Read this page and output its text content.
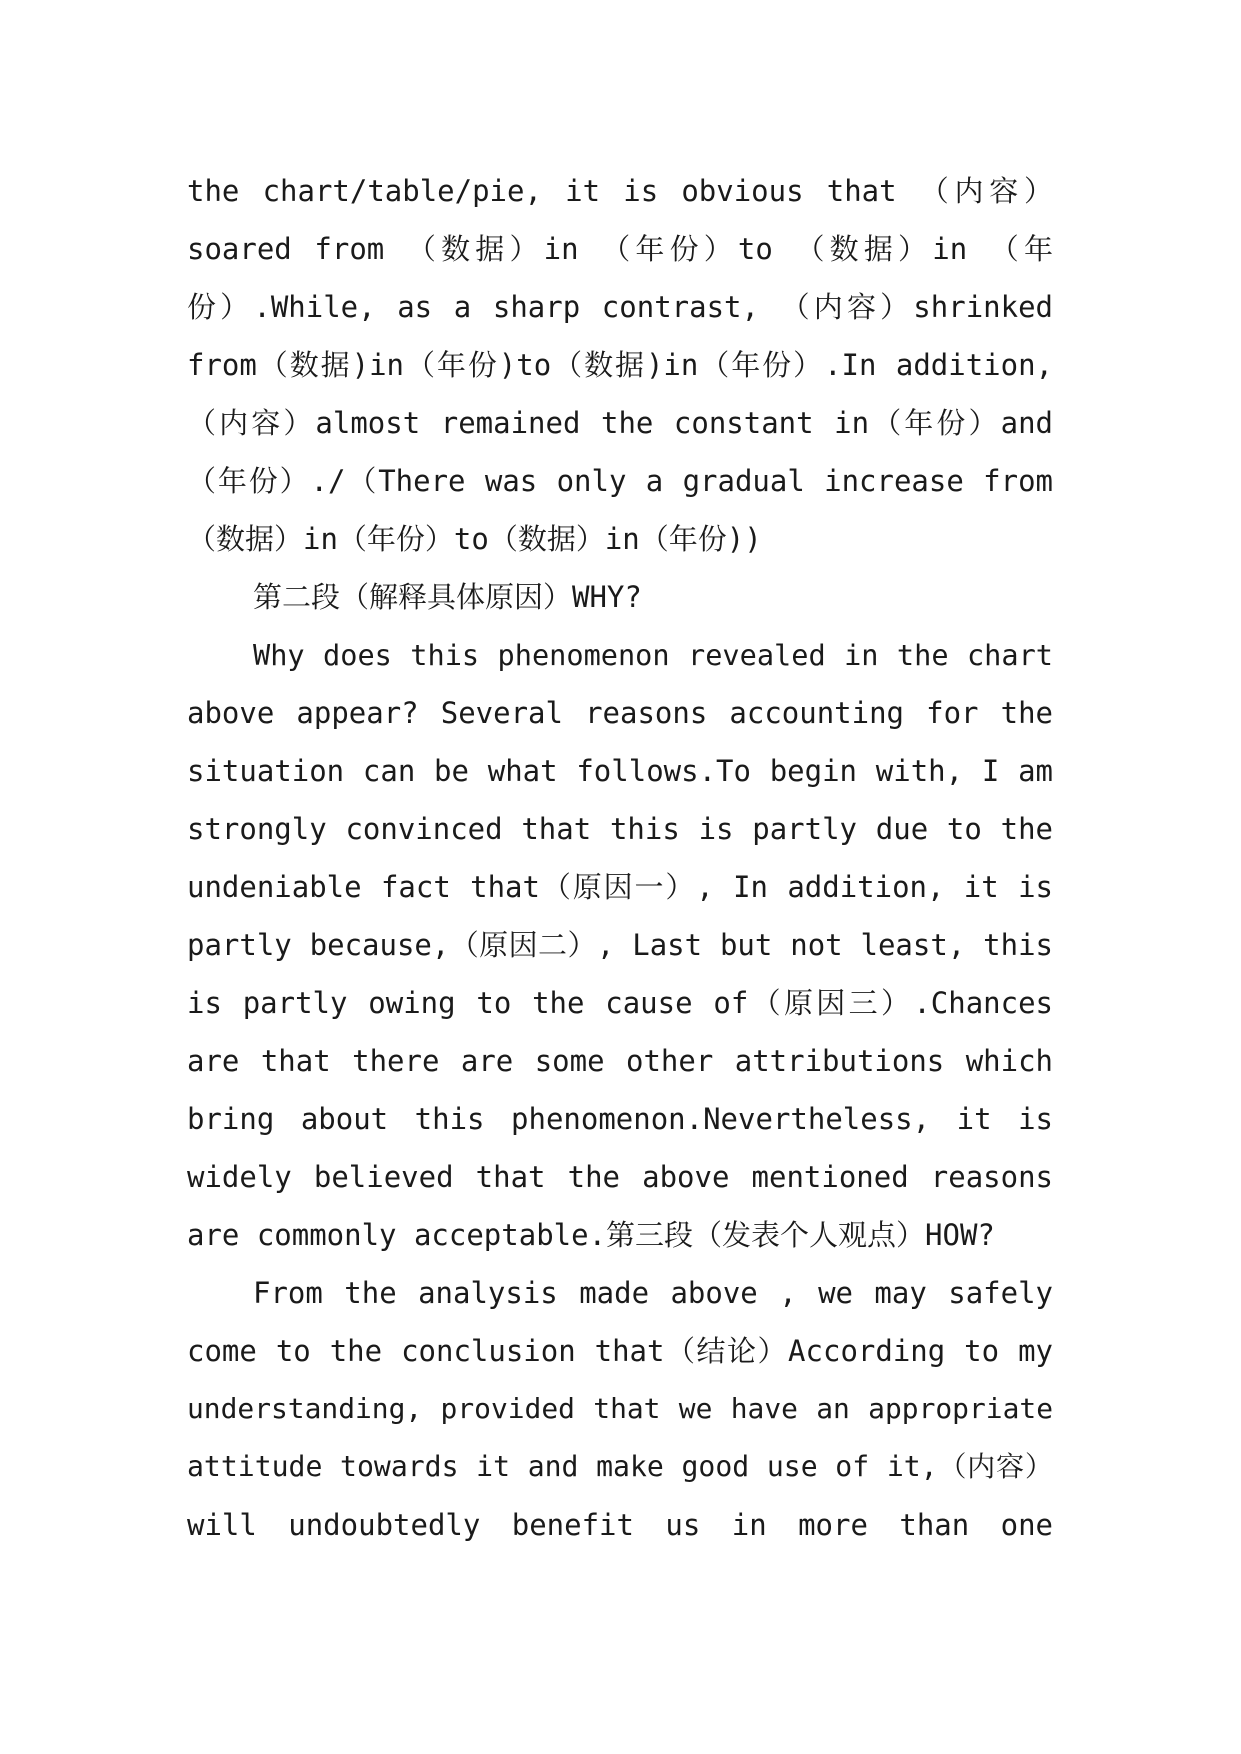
the chart/table/pie, it is obvious that （内容）
soared from （数据）in （年份）to （数据）in （年
份）.While, as a sharp contrast, （内容）shrinked
from（数据)in（年份)to（数据)in（年份）.In addition,
（内容）almost remained the constant in（年份）and
（年份）./（There was only a gradual increase from
（数据）in（年份）to（数据）in（年份))
第二段（解释具体原因）WHY?
Why does this phenomenon revealed in the chart
above appear? Several reasons accounting for the
situation can be what follows.To begin with, I am
strongly convinced that this is partly due to the
undeniable fact that（原因一）, In addition, it is
partly because,（原因二）, Last but not least, this
is partly owing to the cause of（原因三）.Chances
are that there are some other attributions which
bring about this phenomenon.Nevertheless, it is
widely believed that the above mentioned reasons
are commonly acceptable.第三段（发表个人观点）HOW?
From the analysis made above , we may safely
come to the conclusion that（结论）According to my
understanding, provided that we have an appropriate
attitude towards it and make good use of it,（内容）
will undoubtedly benefit us in more than one
